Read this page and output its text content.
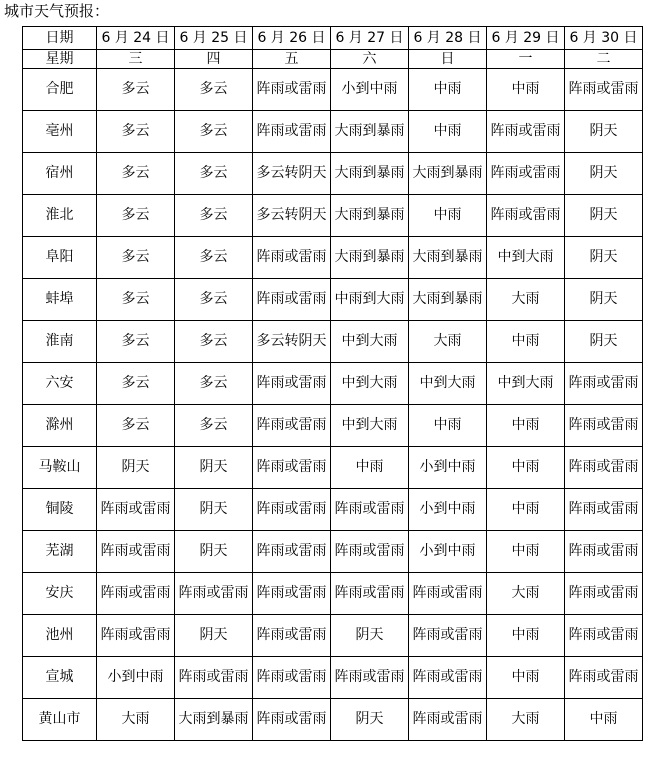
城市天气预报：
日期	6 月 24 日	6 月 25 日	6 月 26 日	6 月 27 日	6 月 28 日	6 月 29 日	6 月 30 日
星期	三	四	五	六	日	一	二
合肥	多云	多云	阵雨或雷雨	小到中雨	中雨	中雨	阵雨或雷雨
亳州	多云	多云	阵雨或雷雨	大雨到暴雨	中雨	阵雨或雷雨	阴天
宿州	多云	多云	多云转阴天	大雨到暴雨	大雨到暴雨	阵雨或雷雨	阴天
淮北	多云	多云	多云转阴天	大雨到暴雨	中雨	阵雨或雷雨	阴天
阜阳	多云	多云	阵雨或雷雨	大雨到暴雨	大雨到暴雨	中到大雨	阴天
蚌埠	多云	多云	阵雨或雷雨	中雨到大雨	大雨到暴雨	大雨	阴天
淮南	多云	多云	多云转阴天	中到大雨	大雨	中雨	阴天
六安	多云	多云	阵雨或雷雨	中到大雨	中到大雨	中到大雨	阵雨或雷雨
滁州	多云	多云	阵雨或雷雨	中到大雨	中雨	中雨	阵雨或雷雨
马鞍山	阴天	阴天	阵雨或雷雨	中雨	小到中雨	中雨	阵雨或雷雨
铜陵	阵雨或雷雨	阴天	阵雨或雷雨	阵雨或雷雨	小到中雨	中雨	阵雨或雷雨
芜湖	阵雨或雷雨	阴天	阵雨或雷雨	阵雨或雷雨	小到中雨	中雨	阵雨或雷雨
安庆	阵雨或雷雨	阵雨或雷雨	阵雨或雷雨	阵雨或雷雨	阵雨或雷雨	大雨	阵雨或雷雨
池州	阵雨或雷雨	阴天	阵雨或雷雨	阴天	阵雨或雷雨	中雨	阵雨或雷雨
宣城	小到中雨	阵雨或雷雨	阵雨或雷雨	阵雨或雷雨	阵雨或雷雨	中雨	阵雨或雷雨
黄山市	大雨	大雨到暴雨	阵雨或雷雨	阴天	阵雨或雷雨	大雨	中雨
